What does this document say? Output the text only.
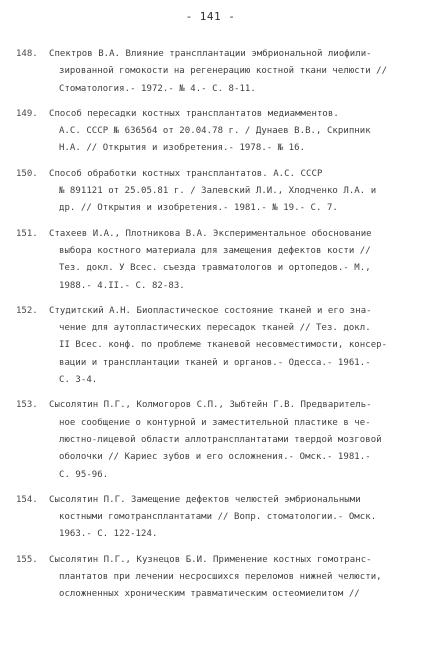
- 141 -
148.	Спектров В.А. Влияние трансплантации эмбриональной лиофили-
зированной гомокости на регенерацию костной ткани челюсти //
Стоматология.- 1972.- № 4.- С. 8-11.
149.	Способ пересадки костных трансплантатов медиамментов.
А.С. СССР № 636564 от 20.04.78 г. / Дунаев В.В., Скрипник
Н.А. // Открытия и изобретения.- 1978.- № 16.
150.	Способ обработки костных трансплантатов. А.С. СССР
№ 891121 от 25.05.81 г. / Залевский Л.И., Хлодченко Л.А. и
др. // Открытия и изобретения.- 1981.- № 19.- С. 7.
151.	Стахеев И.А., Плотникова В.А. Экспериментальное обоснование
выбора костного материала для замещения дефектов кости //
Тез. докл. У Всес. съезда травматологов и ортопедов.- М.,
1988.- 4.II.- С. 82-83.
152.	Студитский А.Н. Биопластическое состояние тканей и его зна-
чение для аутопластических пересадок тканей // Тез. докл.
II Всес. конф. по проблеме тканевой несовместимости, консер-
вации и трансплантации тканей и органов.- Одесса.- 1961.-
С. 3-4.
153.	Сысолятин П.Г., Колмогоров С.П., Зыбтейн Г.В. Предваритель-
ное сообщение о контурной и заместительной пластике в че-
люстно-лицевой области аллотрансплантатами твердой мозговой
оболочки // Кариес зубов и его осложнения.- Омск.- 1981.-
С. 95-96.
154.	Сысолятин П.Г. Замещение дефектов челюстей эмбриональными
костными гомотрансплантатами // Вопр. стоматологии.- Омск.
1963.- С. 122-124.
155.	Сысолятин П.Г., Кузнецов Б.И. Применение костных гомотранс-
плантатов при лечении несросшихся переломов нижней челюсти,
осложненных хроническим травматическим остеомиелитом //
